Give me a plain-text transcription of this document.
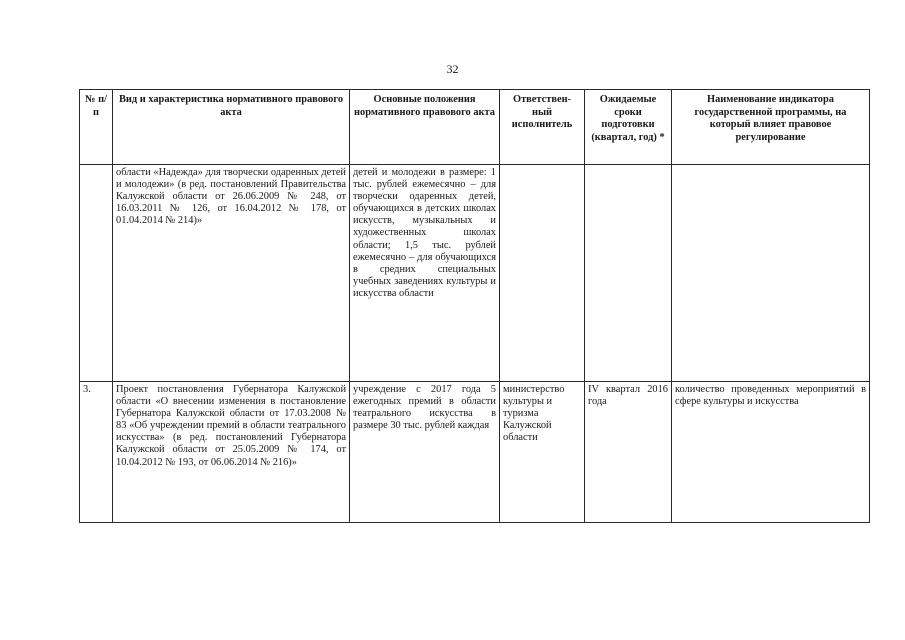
32
№ п/п	Вид и характеристика нормативного правового акта	Основные положения нормативного правового акта	Ответствен-ный исполнитель	Ожидаемые сроки подготовки (квартал, год) *	Наименование индикатора государственной программы, на который влияет правовое регулирование
	области «Надежда» для творчески одаренных детей и молодежи» (в ред. постановлений Правительства Калужской области от 26.06.2009 № 248, от 16.03.2011 № 126, от 16.04.2012 № 178, от 01.04.2014 № 214)»	детей и молодежи в размере: 1 тыс. рублей ежемесячно – для творчески одаренных детей, обучающихся в детских школах искусств, музыкальных и художественных школах области; 1,5 тыс. рублей ежемесячно – для обучающихся в средних специальных учебных заведениях культуры и искусства области			
3.	Проект постановления Губернатора Калужской области «О внесении изменения в постановление Губернатора Калужской области от 17.03.2008 № 83 «Об учреждении премий в области театрального искусства» (в ред. постановлений Губернатора Калужской области от 25.05.2009 № 174, от 10.04.2012 № 193, от 06.06.2014 № 216)»	учреждение с 2017 года 5 ежегодных премий в области театрального искусства в размере 30 тыс. рублей каждая	министерство культуры и туризма Калужской области	IV квартал 2016 года	количество проведенных мероприятий в сфере культуры и искусства
